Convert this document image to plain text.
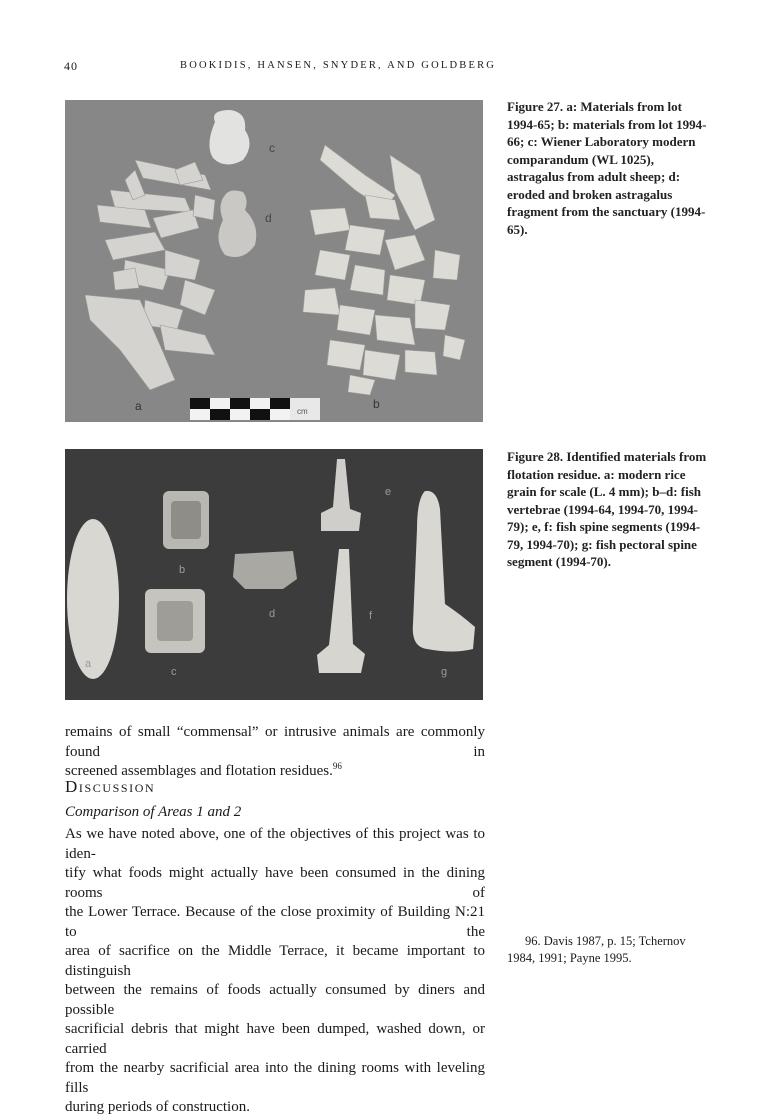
40	BOOKIDIS, HANSEN, SNYDER, AND GOLDBERG
cm
a	b
c
d
Figure 27. a: Materials from lot 1994-65; b: materials from lot 1994-66; c: Wiener Laboratory modern comparandum (WL 1025), astragalus from adult sheep; d: eroded and broken astragalus fragment from the sanctuary (1994-65).
a
b
c
d
e
f
g
Figure 28. Identified materials from flotation residue. a: modern rice grain for scale (L. 4 mm); b–d: fish vertebrae (1994-64, 1994-70, 1994-79); e, f: fish spine segments (1994-79, 1994-70); g: fish pectoral spine segment (1994-70).
remains of small “commensal” or intrusive animals are commonly found in
screened assemblages and flotation residues.$^{96}$
Discussion
Comparison of Areas 1 and 2
As we have noted above, one of the objectives of this project was to iden-
tify what foods might actually have been consumed in the dining rooms of
the Lower Terrace. Because of the close proximity of Building N:21 to the
area of sacrifice on the Middle Terrace, it became important to distinguish
between the remains of foods actually consumed by diners and possible
sacrificial debris that might have been dumped, washed down, or carried
from the nearby sacrificial area into the dining rooms with leveling fills
during periods of construction.
96. Davis 1987, p. 15; Tchernov
1984, 1991; Payne 1995.
